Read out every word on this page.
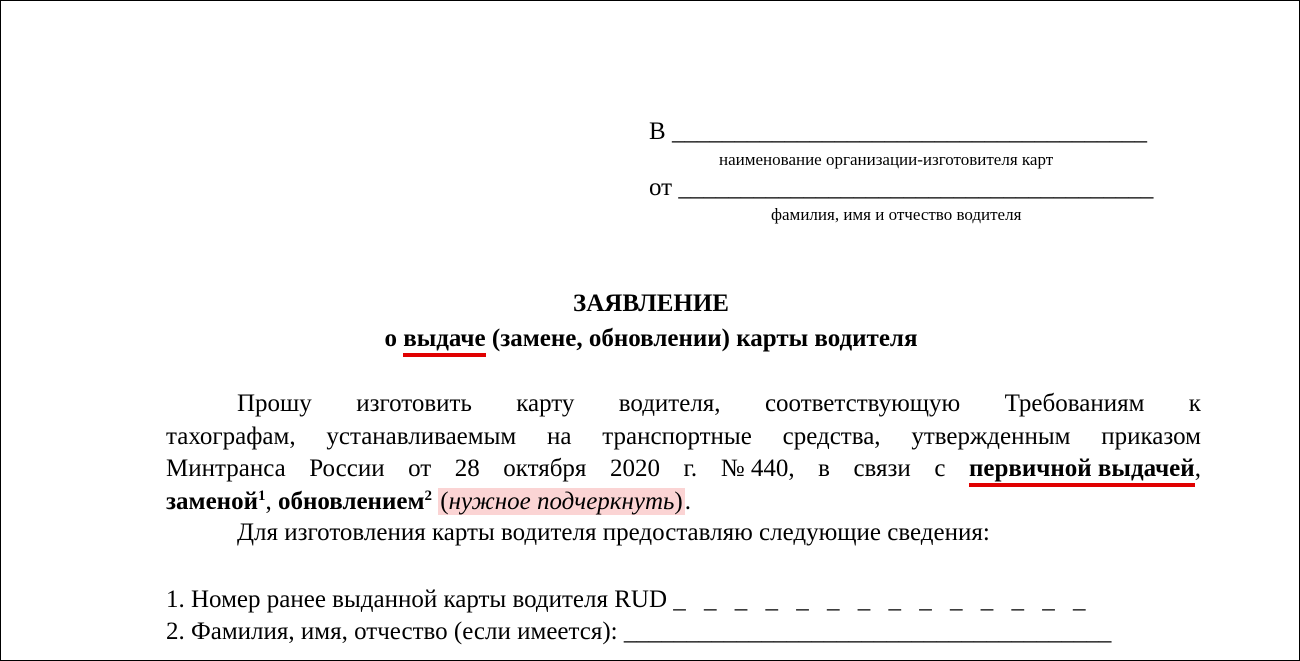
В ______________________________________
наименование организации-изготовителя карт
от ______________________________________
фамилия, имя и отчество водителя
ЗАЯВЛЕНИЕ
о выдаче (замене, обновлении) карты водителя
Прошу изготовить карту водителя, соответствующую Требованиям к
тахографам, устанавливаемым на транспортные средства, утвержденным приказом
Минтранса России от 28 октября 2020 г. № 440, в связи с первичной выдачей,
заменой$^1$, обновлением$^2$ (нужное подчеркнуть).
Для изготовления карты водителя предоставляю следующие сведения:
1. Номер ранее выданной карты водителя RUD _ _ _ _ _ _ _ _ _ _ _ _ _ _
2. Фамилия, имя, отчество (если имеется): _______________________________________
